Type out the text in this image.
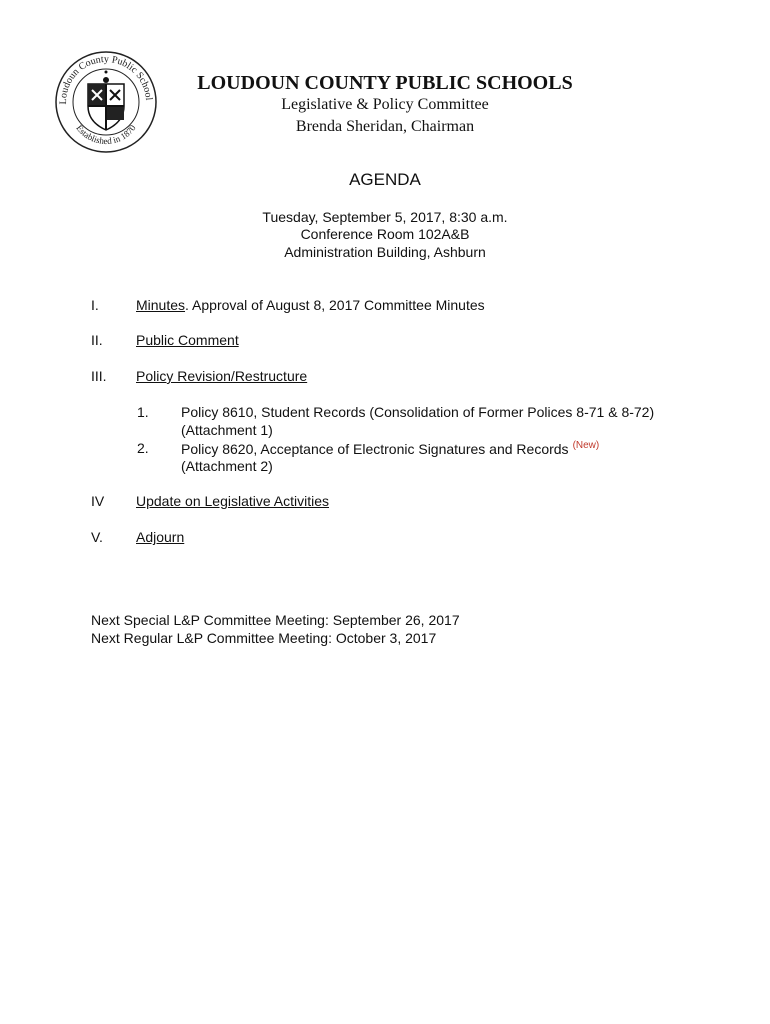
Loudoun County Public School
Established in 1870
LOUDOUN COUNTY PUBLIC SCHOOLS
Legislative & Policy Committee
Brenda Sheridan, Chairman
AGENDA
Tuesday, September 5, 2017, 8:30 a.m.
Conference Room 102A&B
Administration Building, Ashburn
I.	Minutes. Approval of August 8, 2017 Committee Minutes
II. Public Comment
III. Policy Revision/Restructure
1. Policy 8610, Student Records (Consolidation of Former Polices 8-71 & 8-72)
(Attachment 1)
2. Policy 8620, Acceptance of Electronic Signatures and Records $^{(New)}$
(Attachment 2)
IV Update on Legislative Activities
V. Adjourn
Next Special L&P Committee Meeting: September 26, 2017
Next Regular L&P Committee Meeting: October 3, 2017
